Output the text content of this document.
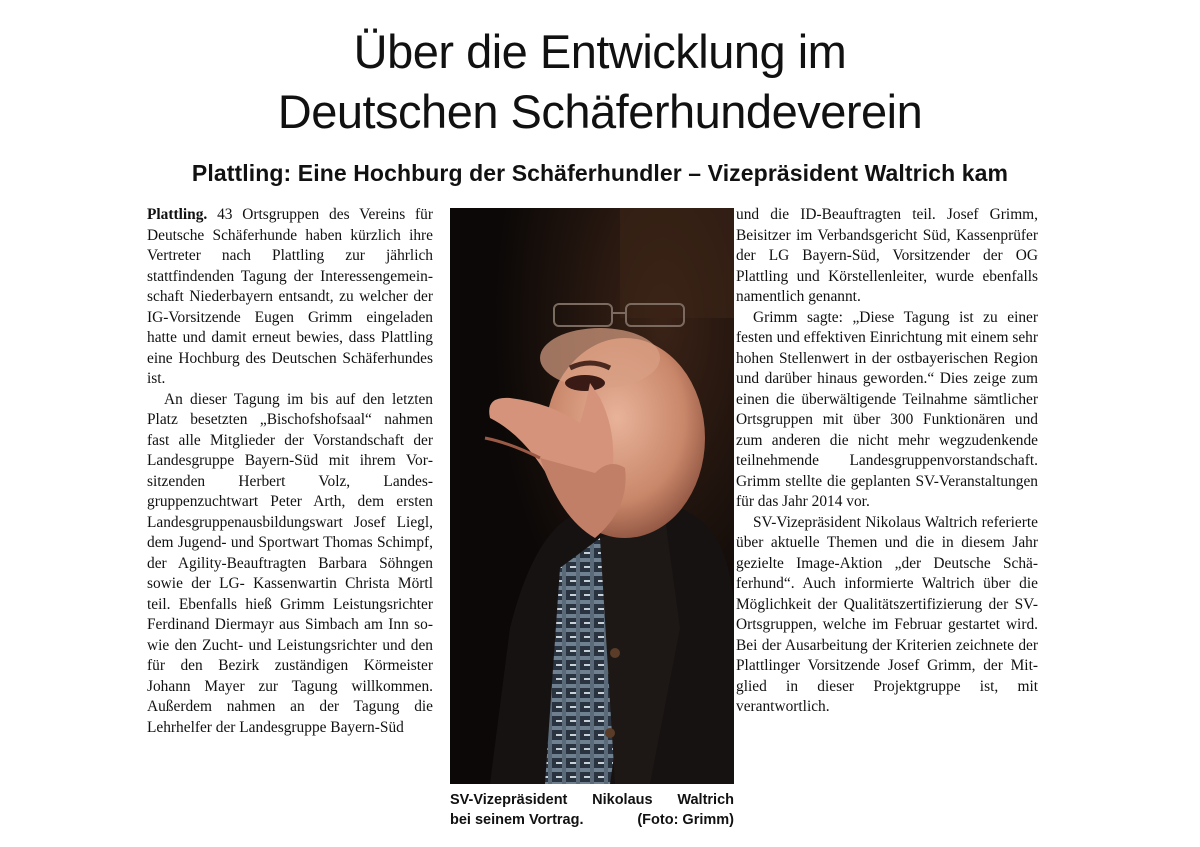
Über die Entwicklung im
Deutschen Schäferhundeverein
Plattling: Eine Hochburg der Schäferhundler – Vizepräsident Waltrich kam

Plattling. 43 Ortsgruppen des Vereins für Deutsche Schäferhunde haben kürzlich ihre Vertreter nach Plattling zur jährlich stattfindenden Tagung der Interessengemeinschaft Niederbayern entsandt, zu welcher der IG-Vorsitzende Eugen Grimm eingeladen hatte und damit erneut bewies, dass Plattling eine Hochburg des Deutschen Schäferhundes ist.

An dieser Tagung im bis auf den letzten Platz besetzten „Bischofshofsaal“ nahmen fast alle Mitglieder der Vorstandschaft der Landesgruppe Bayern-Süd mit ihrem Vorsitzenden Herbert Volz, Landesgruppenzuchtwart Peter Arth, dem ersten Landesgruppenausbildungswart Josef Liegl, dem Jugend- und Sportwart Thomas Schimpf, der Agility-Beauftragten Barbara Söhngen sowie der LG- Kassenwartin Christa Mörtl teil. Ebenfalls hieß Grimm Leistungsrichter Ferdinand Diermayr aus Simbach am Inn sowie den Zucht- und Leistungsrichter und den für den Bezirk zuständigen Körmeister Johann Mayer zur Tagung willkommen. Außerdem nahmen an der Tagung die Lehrhelfer der Landesgruppe Bayern-Süd

SV-Vizepräsident Nikolaus Waltrich
bei seinem Vortrag.	(Foto: Grimm)

und die ID-Beauftragten teil. Josef Grimm, Beisitzer im Verbandsgericht Süd, Kassenprüfer der LG Bayern-Süd, Vorsitzender der OG Plattling und Körstellenleiter, wurde ebenfalls namentlich genannt.

Grimm sagte: „Diese Tagung ist zu einer festen und effektiven Einrichtung mit einem sehr hohen Stellenwert in der ostbayerischen Region und darüber hinaus geworden.“ Dies zeige zum einen die überwältigende Teilnahme sämtlicher Ortsgruppen mit über 300 Funktionären und zum anderen die nicht mehr wegzudenkende teilnehmende Landesgruppenvorstandschaft. Grimm stellte die geplanten SV-Veranstaltungen für das Jahr 2014 vor.

SV-Vizepräsident Nikolaus Waltrich referierte über aktuelle Themen und die in diesem Jahr gezielte Image-Aktion „der Deutsche Schäferhund“. Auch informierte Waltrich über die Möglichkeit der Qualitätszertifizierung der SV-Ortsgruppen, welche im Februar gestartet wird. Bei der Ausarbeitung der Kriterien zeichnete der Plattlinger Vorsitzende Josef Grimm, der Mitglied in dieser Projektgruppe ist, mit verantwortlich.
